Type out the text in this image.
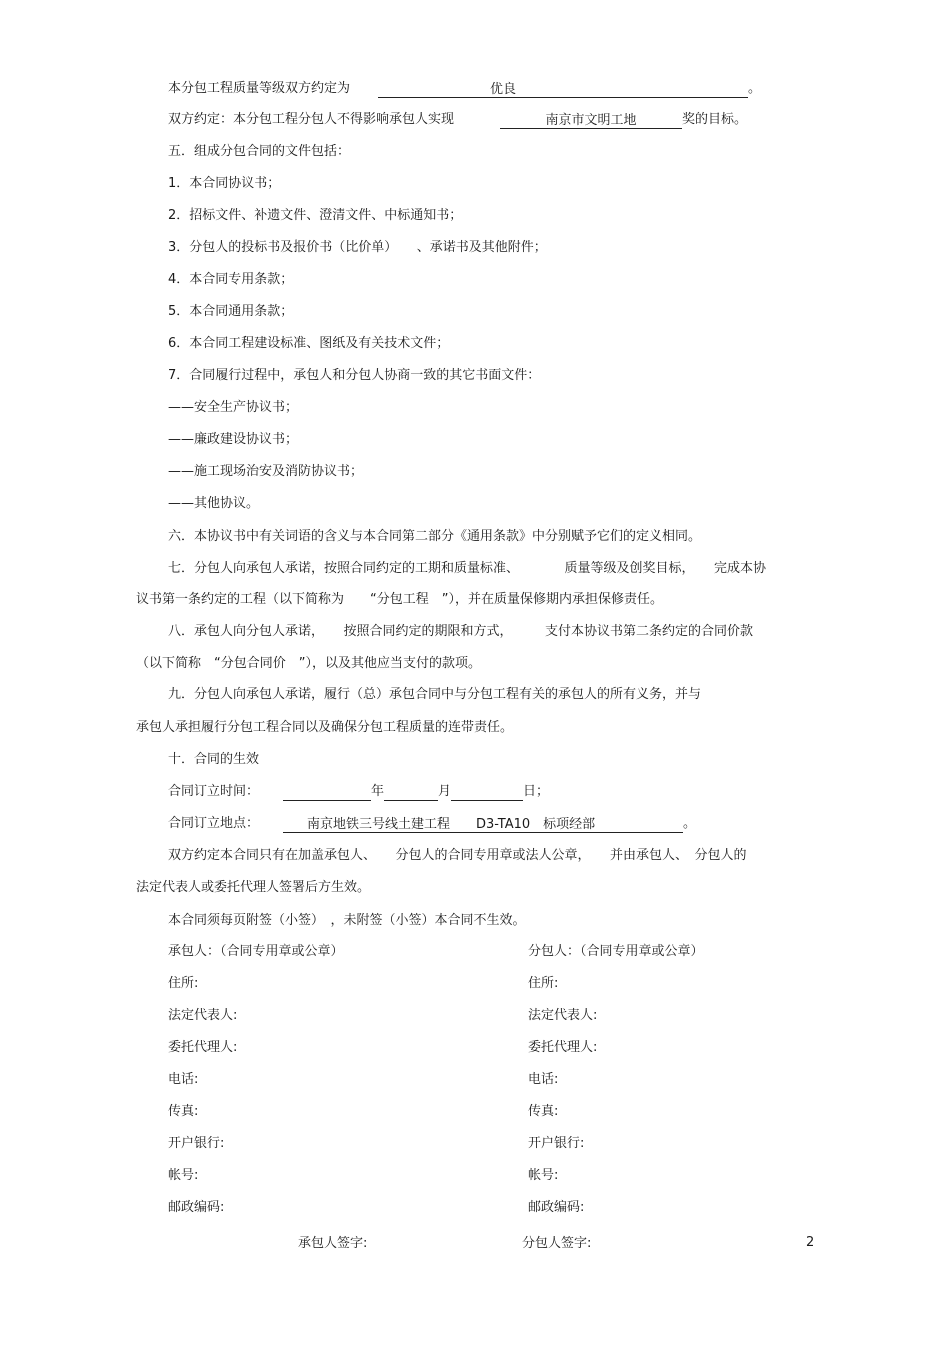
本分包工程质量等级双方约定为	优良	。
双方约定：本分包工程分包人不得影响承包人实现	南京市文明工地	奖的目标。
五．组成分包合同的文件包括：
1．本合同协议书；
2．招标文件、补遗文件、澄清文件、中标通知书；
3．分包人的投标书及报价书（比价单）　　、承诺书及其他附件；
4．本合同专用条款；
5．本合同通用条款；
6．本合同工程建设标准、图纸及有关技术文件；
7．合同履行过程中，承包人和分包人协商一致的其它书面文件：
——安全生产协议书；
——廉政建设协议书；
——施工现场治安及消防协议书；
——其他协议。
六．本协议书中有关词语的含义与本合同第二部分《通用条款》中分别赋予它们的定义相同。
七．分包人向承包人承诺，按照合同约定的工期和质量标准、　　　　质量等级及创奖目标，　　完成本协
议书第一条约定的工程（以下简称为　　“分包工程　”），并在质量保修期内承担保修责任。
八．承包人向分包人承诺，　　按照合同约定的期限和方式，　　　支付本协议书第二条约定的合同价款
（以下简称　“分包合同价　”），以及其他应当支付的款项。
九．分包人向承包人承诺，履行（总）承包合同中与分包工程有关的承包人的所有义务，并与
承包人承担履行分包工程合同以及确保分包工程质量的连带责任。
十．合同的生效
合同订立时间：	年	月	日；
合同订立地点：	南京地铁三号线土建工程　　D3-TA10　标项经部	。
双方约定本合同只有在加盖承包人、　　分包人的合同专用章或法人公章，　　并由承包人、　分包人的
法定代表人或委托代理人签署后方生效。
本合同须每页附签（小签）　，未附签（小签）本合同不生效。
承包人：（合同专用章或公章）	分包人：（合同专用章或公章）
住所:	住所:
法定代表人:	法定代表人:
委托代理人:	委托代理人:
电话:	电话:
传真:	传真:
开户银行:	开户银行:
帐号:	帐号:
邮政编码:	邮政编码:
承包人签字:	分包人签字:	2
